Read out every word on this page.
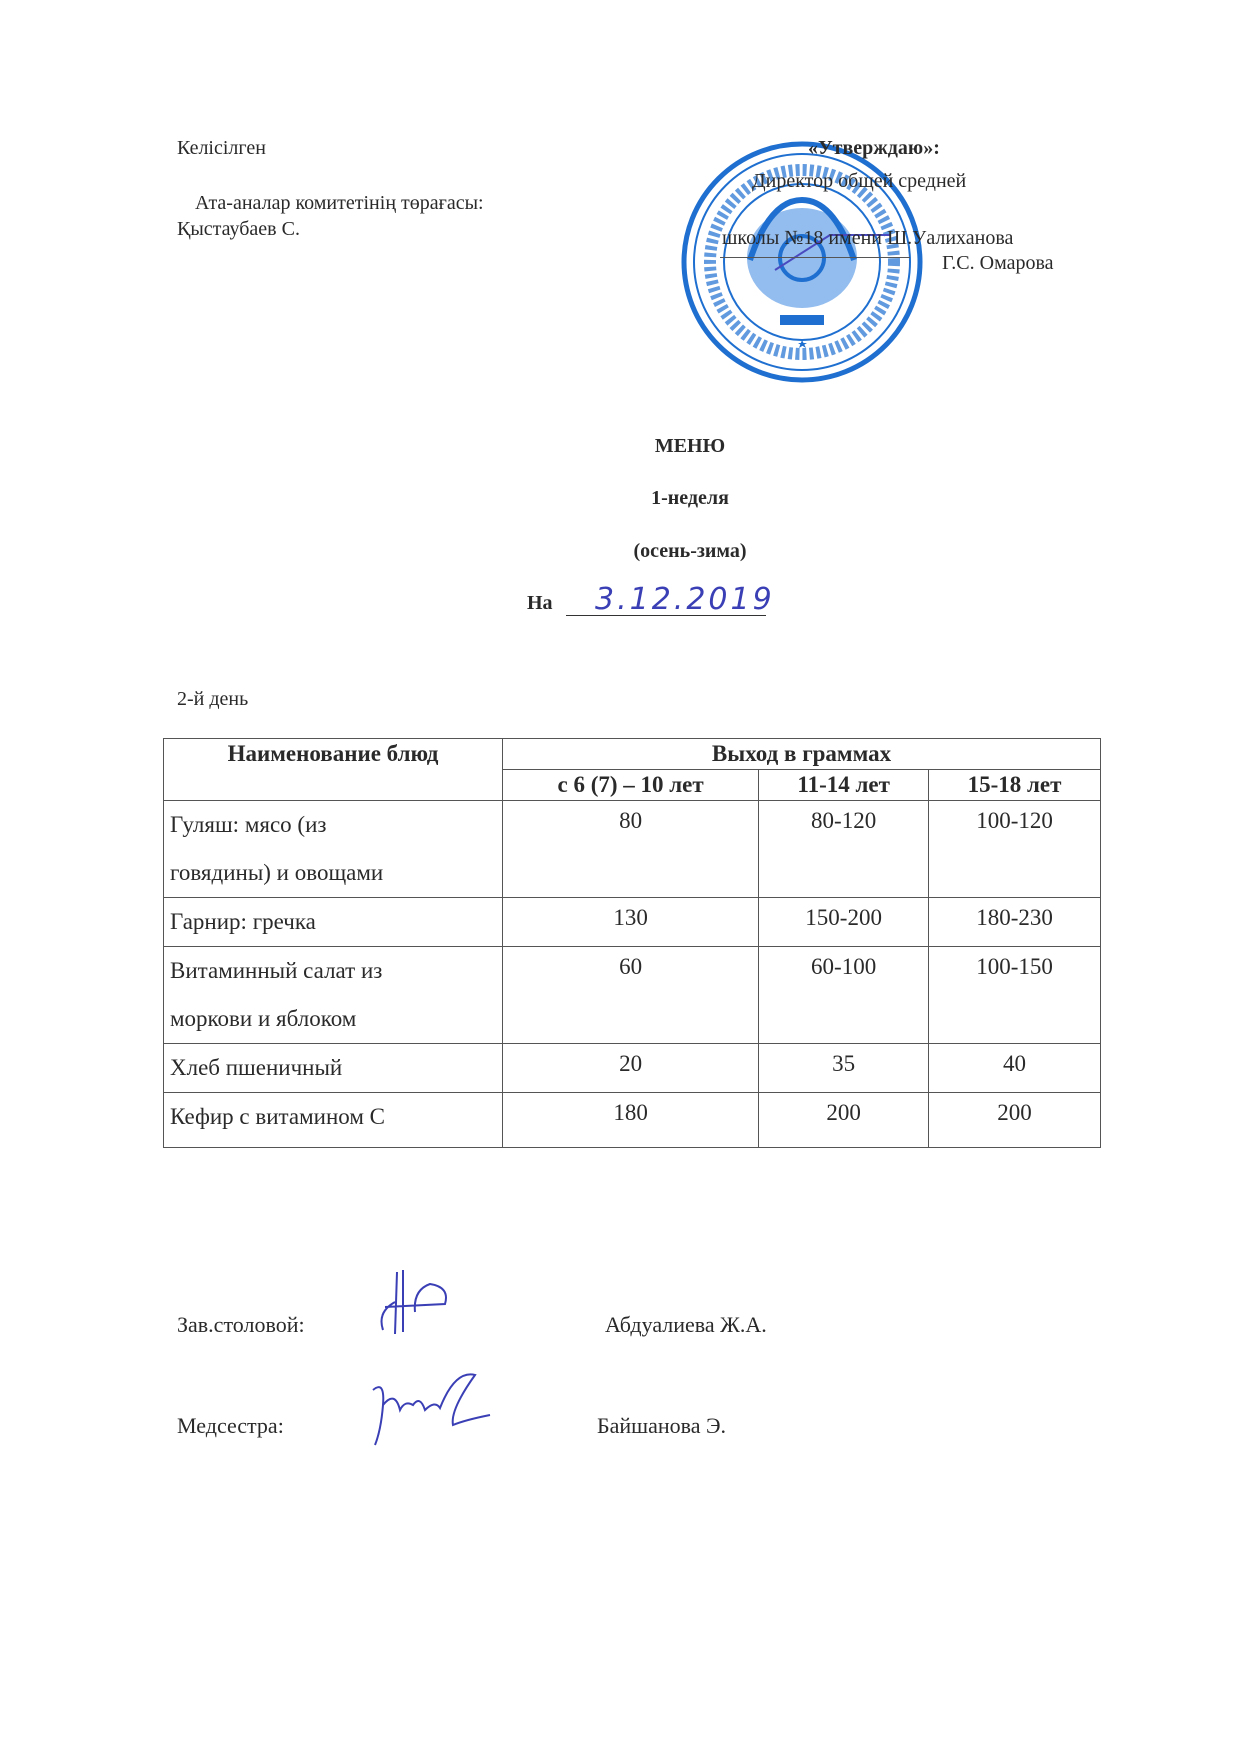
Келісілген
Ата-аналар комитетінің төрағасы:
Қыстаубаев С.
«Утверждаю»:
Директор общей средней
школы №18 имени Ш.Уалиханова
Г.С. Омарова
МЕНЮ
1-неделя
(осень-зима)
На 3.12.2019
2-й день
Наименование блюд	Выход в граммах		
	с 6 (7) – 10 лет	11-14 лет	15-18 лет
Гуляш: мясо (из
говядины) и овощами	80	80-120	100-120
Гарнир: гречка	130	150-200	180-230
Витаминный салат из
моркови и яблоком	60	60-100	100-150
Хлеб пшеничный	20	35	40
Кефир с витамином С	180	200	200
Зав.столовой:	Абдуалиева Ж.А.
Медсестра:	Байшанова Э.
